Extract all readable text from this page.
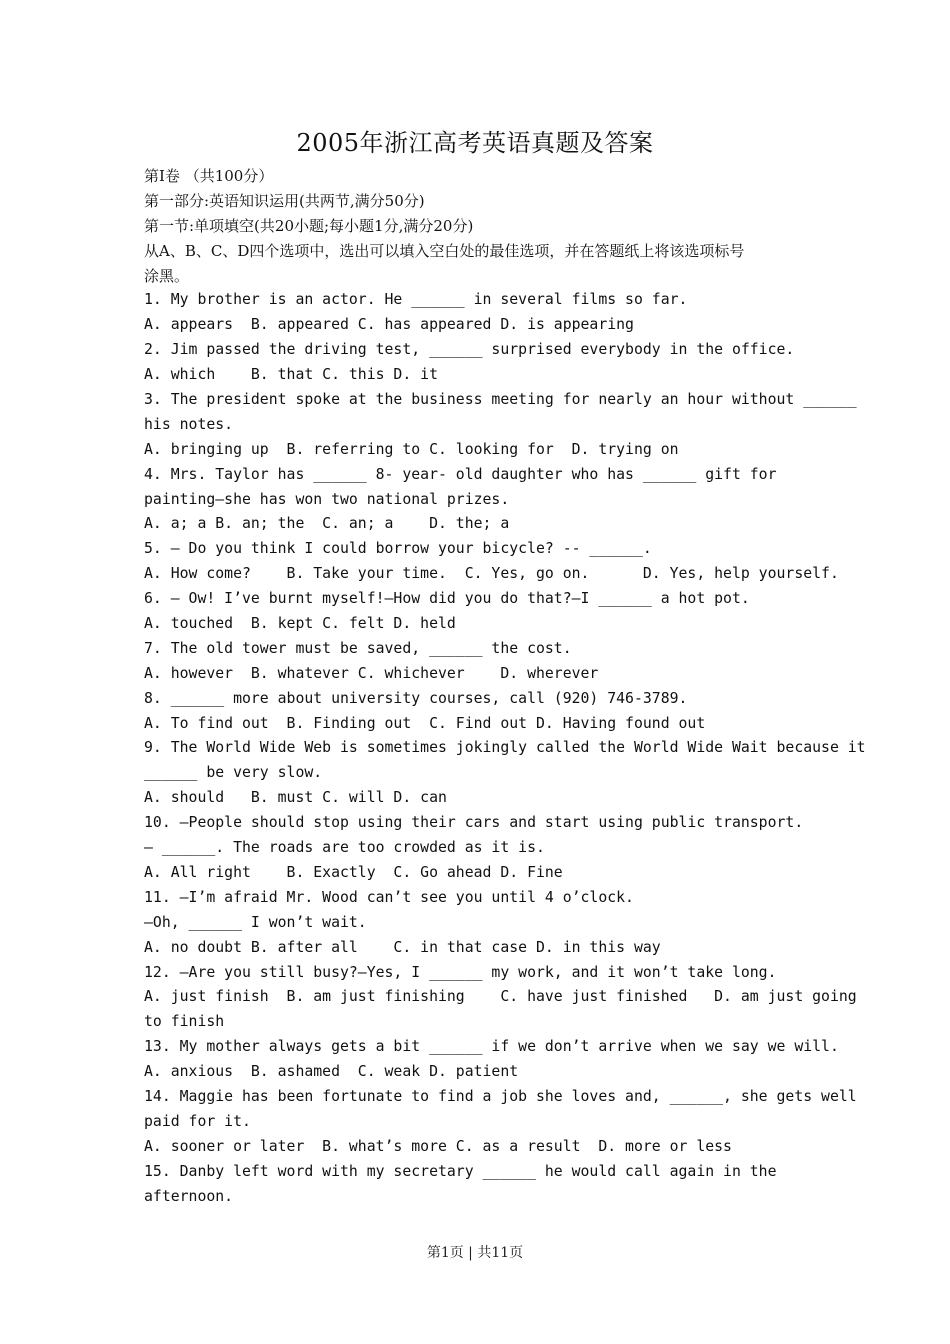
2005年浙江高考英语真题及答案
第Ⅰ卷 （共100分）
第一部分:英语知识运用(共两节,满分50分)
第一节:单项填空(共20小题;每小题1分,满分20分)
从A、B、C、D四个选项中，选出可以填入空白处的最佳选项，并在答题纸上将该选项标号
涂黑。
1. My brother is an actor. He ______ in several films so far.
A. appears  B. appeared C. has appeared D. is appearing
2. Jim passed the driving test, ______ surprised everybody in the office.
A. which    B. that C. this D. it
3. The president spoke at the business meeting for nearly an hour without ______
his notes.
A. bringing up  B. referring to C. looking for  D. trying on
4. Mrs. Taylor has ______ 8- year- old daughter who has ______ gift for
painting—she has won two national prizes.
A. a; a B. an; the  C. an; a    D. the; a
5. — Do you think I could borrow your bicycle? -- ______.
A. How come?    B. Take your time.  C. Yes, go on.      D. Yes, help yourself.
6. – Ow! I’ve burnt myself!—How did you do that?—I ______ a hot pot.
A. touched  B. kept C. felt D. held
7. The old tower must be saved, ______ the cost.
A. however  B. whatever C. whichever    D. wherever
8. ______ more about university courses, call (920) 746-3789.
A. To find out  B. Finding out  C. Find out D. Having found out
9. The World Wide Web is sometimes jokingly called the World Wide Wait because it
______ be very slow.
A. should   B. must C. will D. can
10. —People should stop using their cars and start using public transport.
— ______. The roads are too crowded as it is.
A. All right    B. Exactly  C. Go ahead D. Fine
11. —I’m afraid Mr. Wood can’t see you until 4 o’clock.
—Oh, ______ I won’t wait.
A. no doubt B. after all    C. in that case D. in this way
12. —Are you still busy?—Yes, I ______ my work, and it won’t take long.
A. just finish  B. am just finishing    C. have just finished   D. am just going
to finish
13. My mother always gets a bit ______ if we don’t arrive when we say we will.
A. anxious  B. ashamed  C. weak D. patient
14. Maggie has been fortunate to find a job she loves and, ______, she gets well
paid for it.
A. sooner or later  B. what’s more C. as a result  D. more or less
15. Danby left word with my secretary ______ he would call again in the
afternoon.
第1页 | 共11页
